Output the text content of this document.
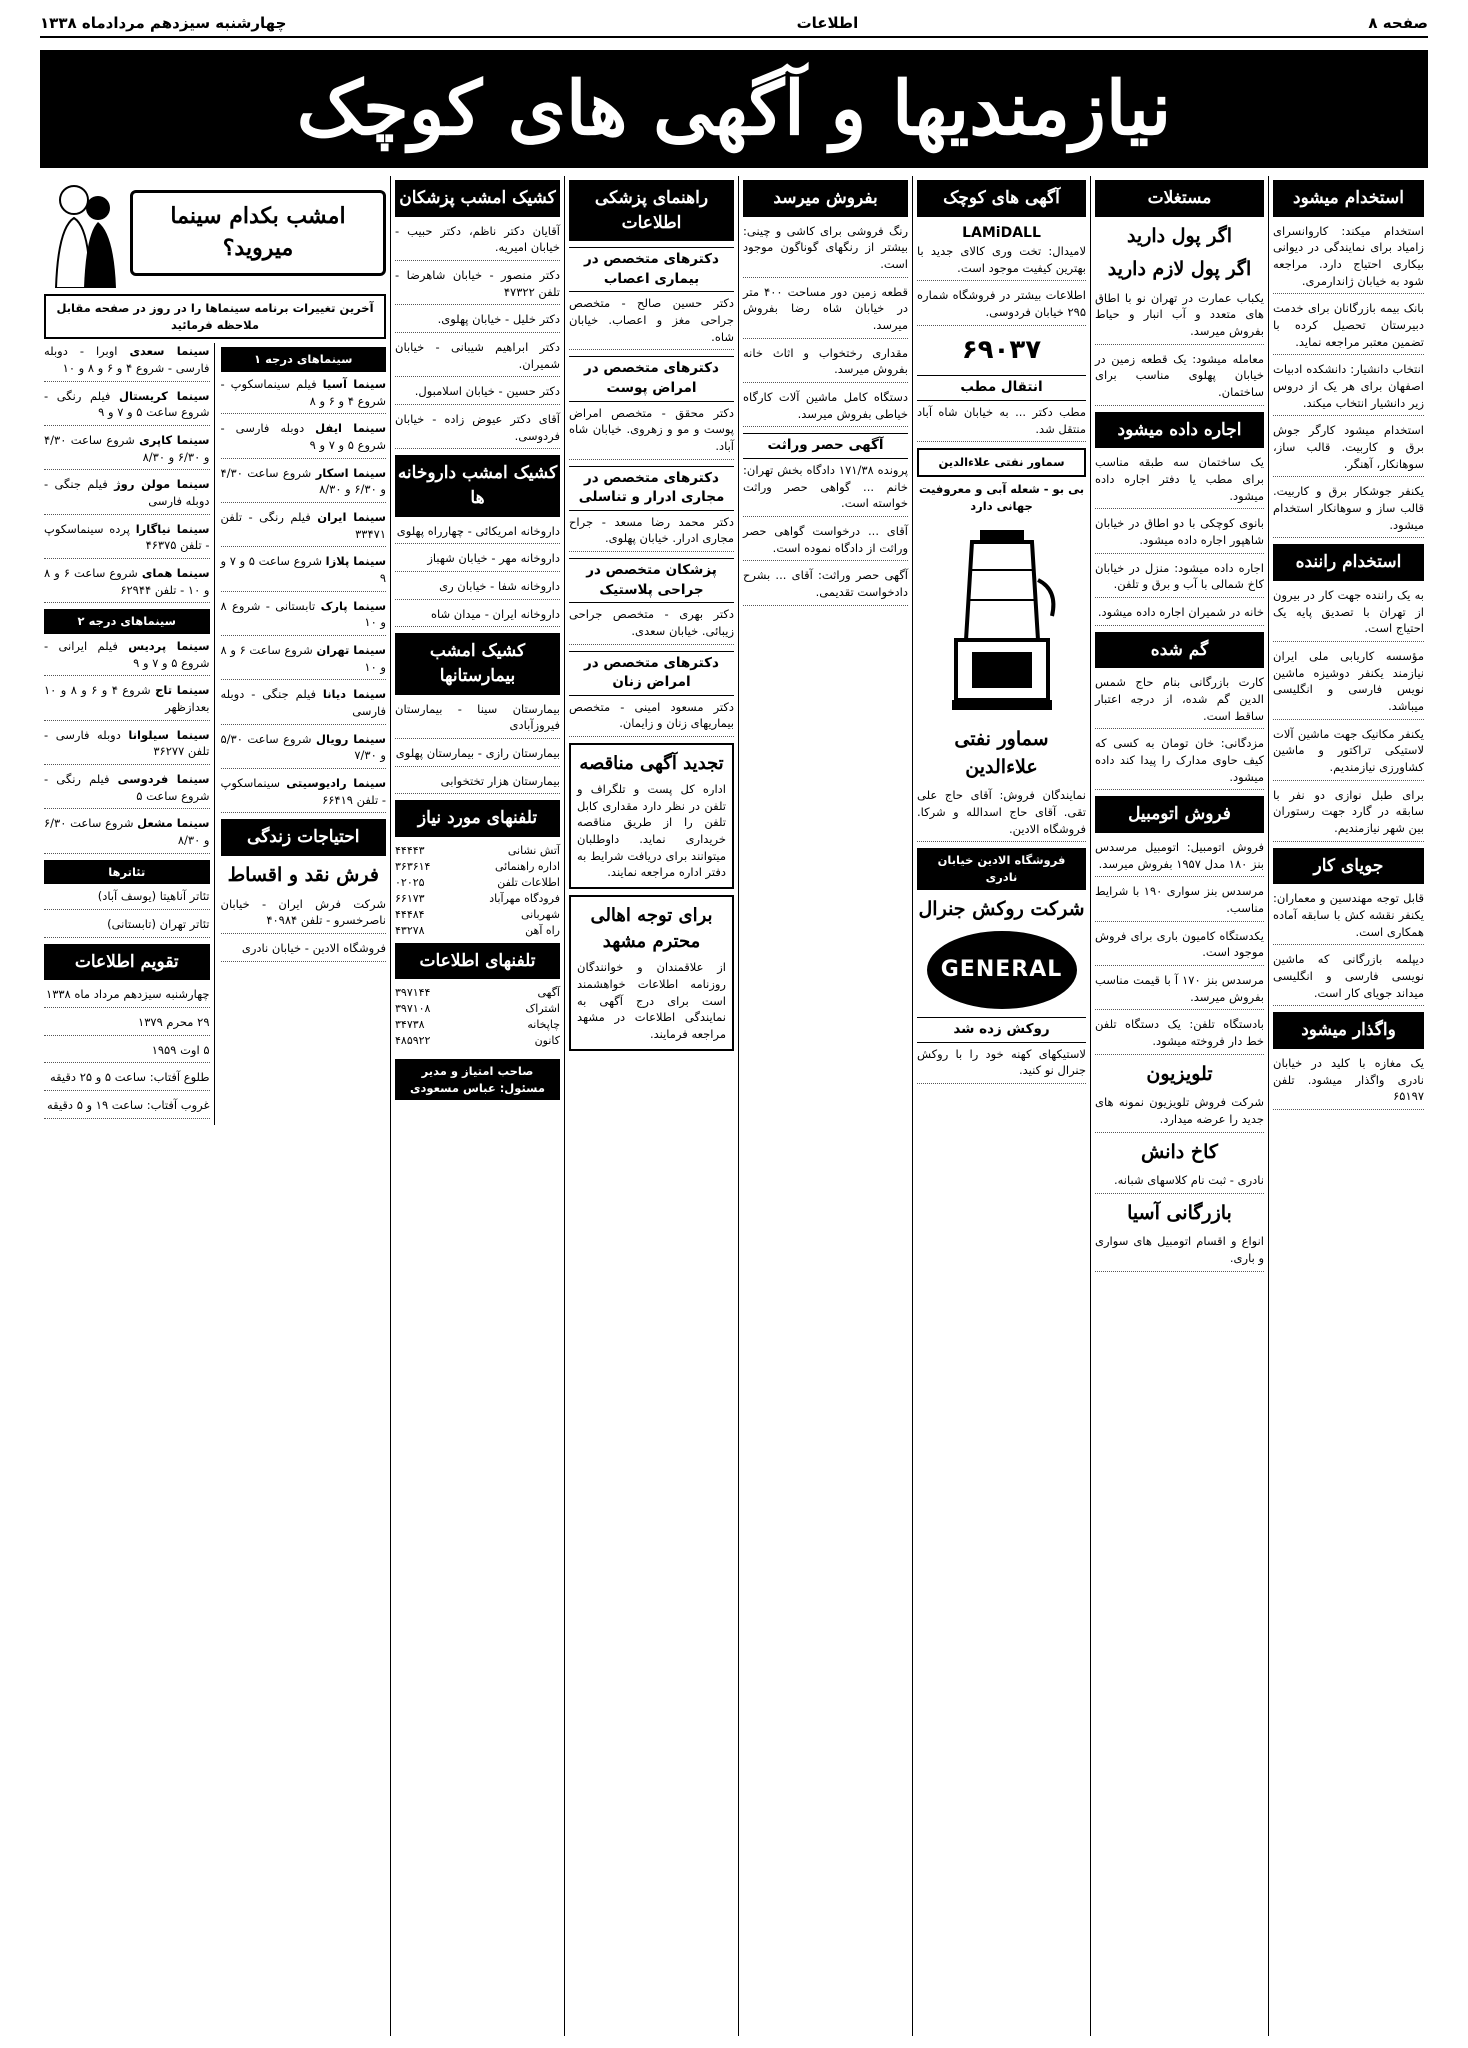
صفحه ۸
اطلاعات
چهارشنبه سیزدهم مردادماه ۱۳۳۸
نیازمندیها و آگهی های کوچک
استخدام میشود
استخدام میکند: کاروانسرای زامیاد برای نمایندگی در دیوانی بیکاری احتیاج دارد. مراجعه شود به خیابان ژاندارمری.
بانک بیمه بازرگانان برای خدمت دبیرستان تحصیل کرده با تضمین معتبر مراجعه نماید.
انتخاب دانشیار: دانشکده ادبیات اصفهان برای هر یک از دروس زیر دانشیار انتخاب میکند.
استخدام میشود کارگر جوش برق و کاربیت. قالب ساز، سوهانکار، آهنگر.
یکنفر جوشکار برق و کاربیت. قالب ساز و سوهانکار استخدام میشود.
استخدام راننده
به یک راننده جهت کار در بیرون از تهران با تصدیق پایه یک احتیاج است.
مؤسسه کاریابی ملی ایران نیازمند یکنفر دوشیزه ماشین نویس فارسی و انگلیسی میباشد.
یکنفر مکانیک جهت ماشین آلات لاستیکی تراکتور و ماشین کشاورزی نیازمندیم.
برای طبل نوازی دو نفر با سابقه در گارد جهت رستوران بین شهر نیازمندیم.
جویای کار
قابل توجه مهندسین و معماران: یکنفر نقشه کش با سابقه آماده همکاری است.
دیپلمه بازرگانی که ماشین نویسی فارسی و انگلیسی میداند جویای کار است.
واگذار میشود
یک مغازه با کلید در خیابان نادری واگذار میشود. تلفن ۶۵۱۹۷
مستغلات
اگر پول دارید
اگر پول لازم دارید
یکباب عمارت در تهران نو با اطاق های متعدد و آب انبار و حیاط بفروش میرسد.
معامله میشود: یک قطعه زمین در خیابان پهلوی مناسب برای ساختمان.
اجاره داده میشود
یک ساختمان سه طبقه مناسب برای مطب یا دفتر اجاره داده میشود.
بانوی کوچکی با دو اطاق در خیابان شاهپور اجاره داده میشود.
اجاره داده میشود: منزل در خیابان کاخ شمالی با آب و برق و تلفن.
خانه در شمیران اجاره داده میشود.
گم شده
کارت بازرگانی بنام حاج شمس الدین گم شده، از درجه اعتبار ساقط است.
مزدگانی: خان تومان به کسی که کیف حاوی مدارک را پیدا کند داده میشود.
فروش اتومبیل
فروش اتومبیل: اتومبیل مرسدس بنز ۱۸۰ مدل ۱۹۵۷ بفروش میرسد.
مرسدس بنز سواری ۱۹۰ با شرایط مناسب.
یکدستگاه کامیون باری برای فروش موجود است.
مرسدس بنز ۱۷۰ آ با قیمت مناسب بفروش میرسد.
بادستگاه تلفن: یک دستگاه تلفن خط دار فروخته میشود.
تلویزیون
شرکت فروش تلویزیون نمونه های جدید را عرضه میدارد.
کاخ دانش
نادری - ثبت نام کلاسهای شبانه.
بازرگانی آسیا
انواع و اقسام اتومبیل های سواری و باری.
آگهی های کوچک
LAMiDALL
لامیدال: تخت وری کالای جدید با بهترین کیفیت موجود است.
اطلاعات بیشتر در فروشگاه شماره ۲۹۵ خیابان فردوسی.
۶۹۰۳۷
انتقال مطب
مطب دکتر ... به خیابان شاه آباد منتقل شد.
سماور نفتی علاءالدین
بی بو - شعله آبی و معروفیت جهانی دارد
سماور نفتی علاءالدین
نمایندگان فروش: آقای حاج علی تقی. آقای حاج اسدالله و شرکا. فروشگاه الادین.
فروشگاه الادین خیابان نادری
شرکت روکش جنرال
GENERAL
روکش زده شد
لاستیکهای کهنه خود را با روکش جنرال نو کنید.
بفروش میرسد
رنگ فروشی برای کاشی و چینی: بیشتر از رنگهای گوناگون موجود است.
قطعه زمین دور مساحت ۴۰۰ متر در خیابان شاه رضا بفروش میرسد.
مقداری رختخواب و اثاث خانه بفروش میرسد.
دستگاه کامل ماشین آلات کارگاه خیاطی بفروش میرسد.
آگهی حصر وراثت
پرونده ۱۷۱/۳۸ دادگاه بخش تهران: خانم ... گواهی حصر وراثت خواسته است.
آقای ... درخواست گواهی حصر وراثت از دادگاه نموده است.
آگهی حصر وراثت: آقای ... بشرح دادخواست تقدیمی.
راهنمای پزشکی اطلاعات
دکترهای متخصص در بیماری اعصاب
دکتر حسین صالح - متخصص جراحی مغز و اعصاب. خیابان شاه.
دکترهای متخصص در امراض پوست
دکتر محقق - متخصص امراض پوست و مو و زهروی. خیابان شاه آباد.
دکترهای متخصص در مجاری ادرار و تناسلی
دکتر محمد رضا مسعد - جراح مجاری ادرار. خیابان پهلوی.
پزشکان متخصص در جراحی پلاستیک
دکتر بهری - متخصص جراحی زیبائی. خیابان سعدی.
دکترهای متخصص در امراض زنان
دکتر مسعود امینی - متخصص بیماریهای زنان و زایمان.
تجدید آگهی مناقصه
اداره کل پست و تلگراف و تلفن در نظر دارد مقداری کابل تلفن را از طریق مناقصه خریداری نماید. داوطلبان میتوانند برای دریافت شرایط به دفتر اداره مراجعه نمایند.
برای توجه اهالی محترم مشهد
از علاقمندان و خوانندگان روزنامه اطلاعات خواهشمند است برای درج آگهی به نمایندگی اطلاعات در مشهد مراجعه فرمایند.
کشیک امشب پزشکان
آقایان دکتر ناظم، دکتر حبیب - خیابان امیریه.
دکتر منصور - خیابان شاهرضا - تلفن ۴۷۳۲۲
دکتر خلیل - خیابان پهلوی.
دکتر ابراهیم شیبانی - خیابان شمیران.
دکتر حسین - خیابان اسلامبول.
آقای دکتر عیوض زاده - خیابان فردوسی.
کشیک امشب داروخانه ها
داروخانه امریکائی - چهارراه پهلوی
داروخانه مهر - خیابان شهباز
داروخانه شفا - خیابان ری
داروخانه ایران - میدان شاه
کشیک امشب بیمارستانها
بیمارستان سینا - بیمارستان فیروزآبادی
بیمارستان رازی - بیمارستان پهلوی
بیمارستان هزار تختخوابی
تلفنهای مورد نیاز
آتش نشانی
۴۴۴۴۳
اداره راهنمائی
۳۶۳۶۱۴
اطلاعات تلفن
۰۲۰۲۵
فرودگاه مهرآباد
۶۶۱۷۳
شهربانی
۴۴۴۸۴
راه آهن
۴۳۲۷۸
تلفنهای اطلاعات
آگهی
۳۹۷۱۴۴
اشتراک
۳۹۷۱۰۸
چاپخانه
۳۴۷۳۸
کانون
۴۸۵۹۲۲
صاحب امتیاز و مدیر مسئول: عباس مسعودی
امشب بکدام سینما میروید؟
آخرین تغییرات برنامه سینماها را در روز در صفحه مقابل ملاحظه فرمائید
سینماهای درجه ۱
سینما آسیا فیلم سینماسکوپ - شروع ۴ و ۶ و ۸
سینما ایفل دوبله فارسی - شروع ۵ و ۷ و ۹
سینما اسکار شروع ساعت ۴/۳۰ و ۶/۳۰ و ۸/۳۰
سینما ایران فیلم رنگی - تلفن ۳۳۴۷۱
سینما پلازا شروع ساعت ۵ و ۷ و ۹
سینما پارک تابستانی - شروع ۸ و ۱۰
سینما تهران شروع ساعت ۶ و ۸ و ۱۰
سینما دیانا فیلم جنگی - دوبله فارسی
سینما رویال شروع ساعت ۵/۳۰ و ۷/۳۰
سینما رادیوسیتی سینماسکوپ - تلفن ۶۶۴۱۹
احتیاجات زندگی
فرش نقد و اقساط
شرکت فرش ایران - خیابان ناصرخسرو - تلفن ۴۰۹۸۴
فروشگاه الادین - خیابان نادری
سینما سعدی اوبرا - دوبله فارسی - شروع ۴ و ۶ و ۸ و ۱۰
سینما کریستال فیلم رنگی - شروع ساعت ۵ و ۷ و ۹
سینما کاپری شروع ساعت ۴/۳۰ و ۶/۳۰ و ۸/۳۰
سینما مولن روژ فیلم جنگی - دوبله فارسی
سینما نیاگارا پرده سینماسکوپ - تلفن ۴۶۳۷۵
سینما همای شروع ساعت ۶ و ۸ و ۱۰ - تلفن ۶۲۹۴۴
سینماهای درجه ۲
سینما پردیس فیلم ایرانی - شروع ۵ و ۷ و ۹
سینما تاج شروع ۴ و ۶ و ۸ و ۱۰ بعدازظهر
سینما سیلوانا دوبله فارسی - تلفن ۳۶۲۷۷
سینما فردوسی فیلم رنگی - شروع ساعت ۵
سینما مشعل شروع ساعت ۶/۳۰ و ۸/۳۰
تئاترها
تئاتر آناهیتا (یوسف آباد)
تئاتر تهران (تابستانی)
تقویم اطلاعات
چهارشنبه سیزدهم مرداد ماه ۱۳۳۸
۲۹ محرم ۱۳۷۹
۵ اوت ۱۹۵۹
طلوع آفتاب: ساعت ۵ و ۲۵ دقیقه
غروب آفتاب: ساعت ۱۹ و ۵ دقیقه
